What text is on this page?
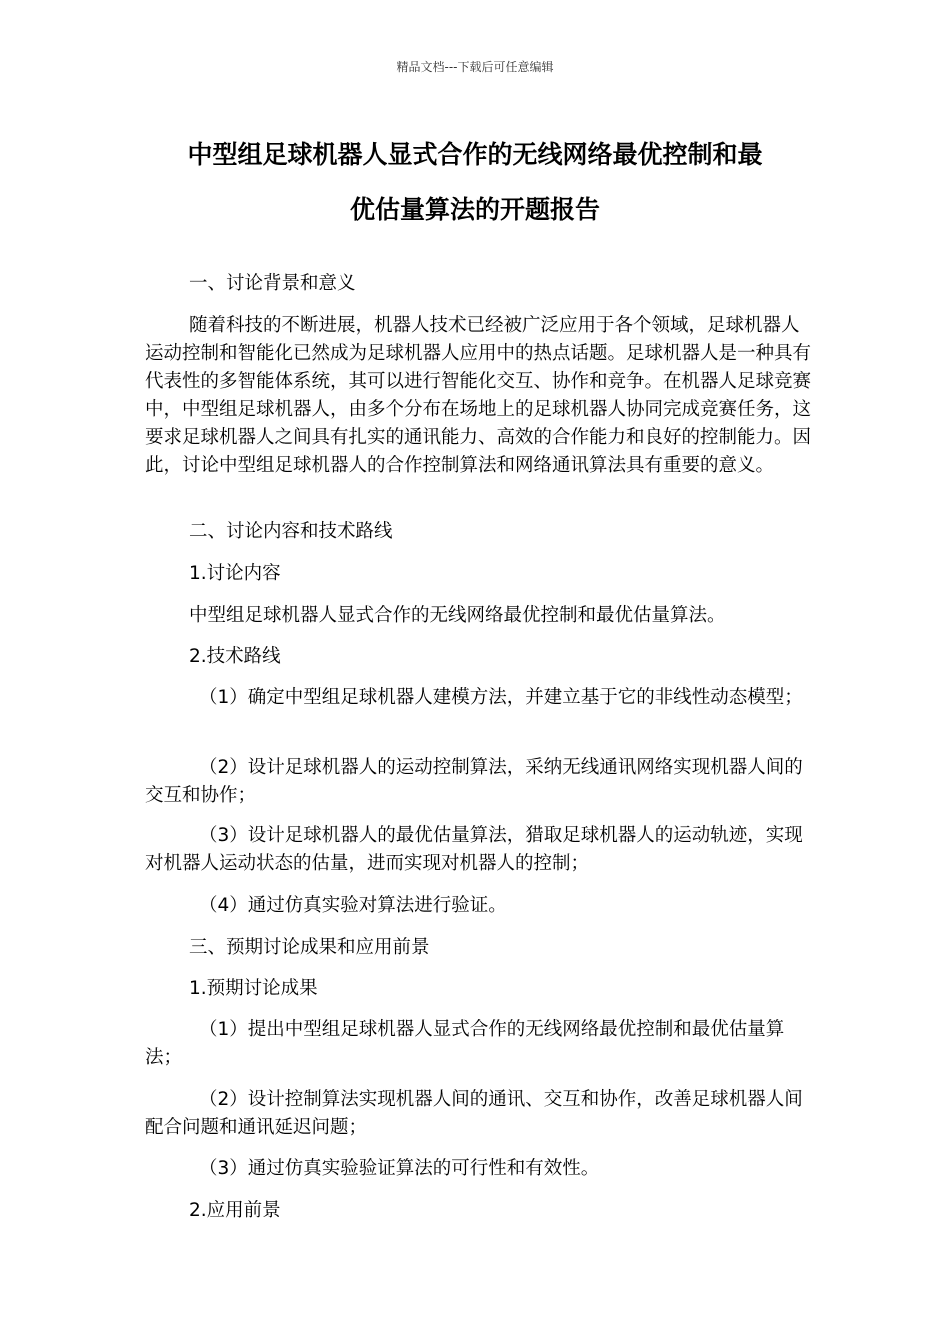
精品文档---下载后可任意编辑
中型组足球机器人显式合作的无线网络最优控制和最
优估量算法的开题报告

一、讨论背景和意义

随着科技的不断进展，机器人技术已经被广泛应用于各个领域，足球机器人运动控制和智能化已然成为足球机器人应用中的热点话题。足球机器人是一种具有代表性的多智能体系统，其可以进行智能化交互、协作和竞争。在机器人足球竞赛中，中型组足球机器人，由多个分布在场地上的足球机器人协同完成竞赛任务，这要求足球机器人之间具有扎实的通讯能力、高效的合作能力和良好的控制能力。因此，讨论中型组足球机器人的合作控制算法和网络通讯算法具有重要的意义。

二、讨论内容和技术路线

1.讨论内容

中型组足球机器人显式合作的无线网络最优控制和最优估量算法。

2.技术路线

（1）确定中型组足球机器人建模方法，并建立基于它的非线性动态模型；

（2）设计足球机器人的运动控制算法，采纳无线通讯网络实现机器人间的交互和协作；

（3）设计足球机器人的最优估量算法，猎取足球机器人的运动轨迹，实现对机器人运动状态的估量，进而实现对机器人的控制；

（4）通过仿真实验对算法进行验证。

三、预期讨论成果和应用前景

1.预期讨论成果

（1）提出中型组足球机器人显式合作的无线网络最优控制和最优估量算法；

（2）设计控制算法实现机器人间的通讯、交互和协作，改善足球机器人间配合问题和通讯延迟问题；

（3）通过仿真实验验证算法的可行性和有效性。

2.应用前景
